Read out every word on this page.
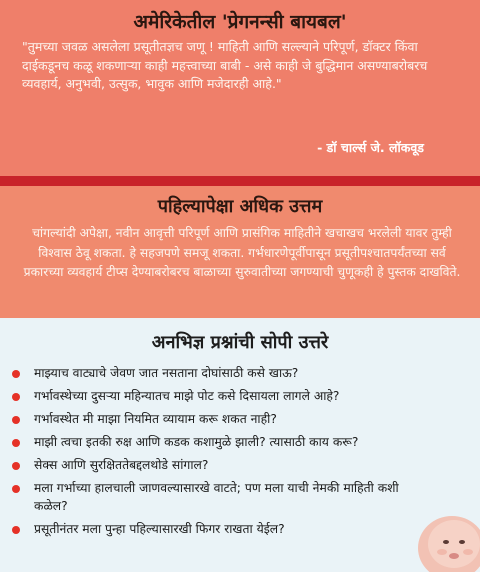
अमेरिकेतील 'प्रेगनन्सी बायबल'
"तुमच्या जवळ असलेला प्रसूतीतज्ञच जणू ! माहिती आणि सल्ल्याने परिपूर्ण, डॉक्टर किंवा दाईकडूनच कळू शकणाऱ्या काही महत्त्वाच्या बाबी - असे काही जे बुद्धिमान असण्याबरोबरच व्यवहार्य, अनुभवी, उत्सुक, भावुक आणि मजेदारही आहे."
- डॉ चार्ल्स जे. लॉकवूड
पहिल्यापेक्षा अधिक उत्तम
चांगल्यांदी अपेक्षा, नवीन आवृत्ती परिपूर्ण आणि प्रासंगिक माहितीने खचाखच भरलेली यावर तुम्ही विश्वास ठेवू शकता. हे सहजपणे समजू शकता. गर्भधारणेपूर्वीपासून प्रसूतीपश्चातपर्यंतच्या सर्व प्रकारच्या व्यवहार्य टीप्स देण्याबरोबरच बाळाच्या सुरुवातीच्या जगण्याची चुणूकही हे पुस्तक दाखविते.
अनभिज्ञ प्रश्नांची सोपी उत्तरे
माझ्याच वाट्याचे जेवण जात नसताना दोघांसाठी कसे खाऊ?
गर्भावस्थेच्या दुसऱ्या महिन्यातच माझे पोट कसे दिसायला लागले आहे?
गर्भावस्थेत मी माझा नियमित व्यायाम करू शकत नाही?
माझी त्वचा इतकी रुक्ष आणि कडक कशामुळे झाली? त्यासाठी काय करू?
सेक्स आणि सुरक्षिततेबद्दलथोडे सांगाल?
मला गर्भाच्या हालचाली जाणवल्यासारखे वाटते; पण मला याची नेमकी माहिती कशी कळेल?
प्रसूतीनंतर मला पुन्हा पहिल्यासारखी फिगर राखता येईल?
